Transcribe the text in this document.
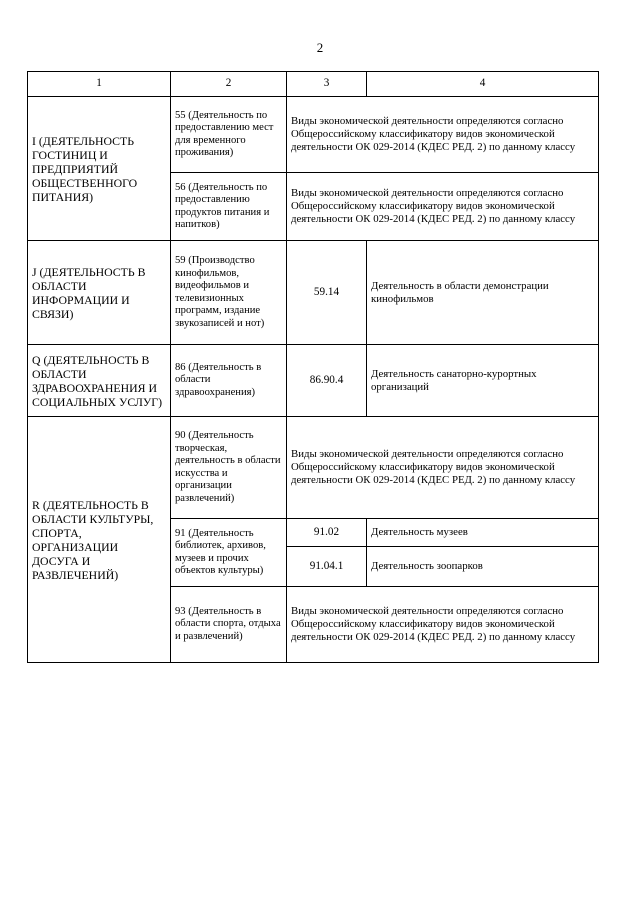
2
1	2	3	4
I (ДЕЯТЕЛЬНОСТЬ ГОСТИНИЦ И ПРЕДПРИЯТИЙ ОБЩЕСТВЕННОГО ПИТАНИЯ)	55 (Деятельность по предоставлению мест для временного проживания)	Виды экономической деятельности определяются согласно Общероссийскому классификатору видов экономической деятельности ОК 029-2014 (КДЕС РЕД. 2) по данному классу	
	56 (Деятельность по предоставлению продуктов питания и напитков)	Виды экономической деятельности определяются согласно Общероссийскому классификатору видов экономической деятельности ОК 029-2014 (КДЕС РЕД. 2) по данному классу	
J (ДЕЯТЕЛЬНОСТЬ В ОБЛАСТИ ИНФОРМАЦИИ И СВЯЗИ)	59 (Производство кинофильмов, видеофильмов и телевизионных программ, издание звукозаписей и нот)	59.14	Деятельность в области демонстрации кинофильмов
Q (ДЕЯТЕЛЬНОСТЬ В ОБЛАСТИ ЗДРАВООХРАНЕНИЯ И СОЦИАЛЬНЫХ УСЛУГ)	86 (Деятельность в области здравоохранения)	86.90.4	Деятельность санаторно-курортных организаций
R (ДЕЯТЕЛЬНОСТЬ В ОБЛАСТИ КУЛЬТУРЫ, СПОРТА, ОРГАНИЗАЦИИ ДОСУГА И РАЗВЛЕЧЕНИЙ)	90 (Деятельность творческая, деятельность в области искусства и организации развлечений)	Виды экономической деятельности определяются согласно Общероссийскому классификатору видов экономической деятельности ОК 029-2014 (КДЕС РЕД. 2) по данному классу	
	91 (Деятельность библиотек, архивов, музеев и прочих объектов культуры)	91.02	Деятельность музеев
		91.04.1	Деятельность зоопарков
	93 (Деятельность в области спорта, отдыха и развлечений)	Виды экономической деятельности определяются согласно Общероссийскому классификатору видов экономической деятельности ОК 029-2014 (КДЕС РЕД. 2) по данному классу	
